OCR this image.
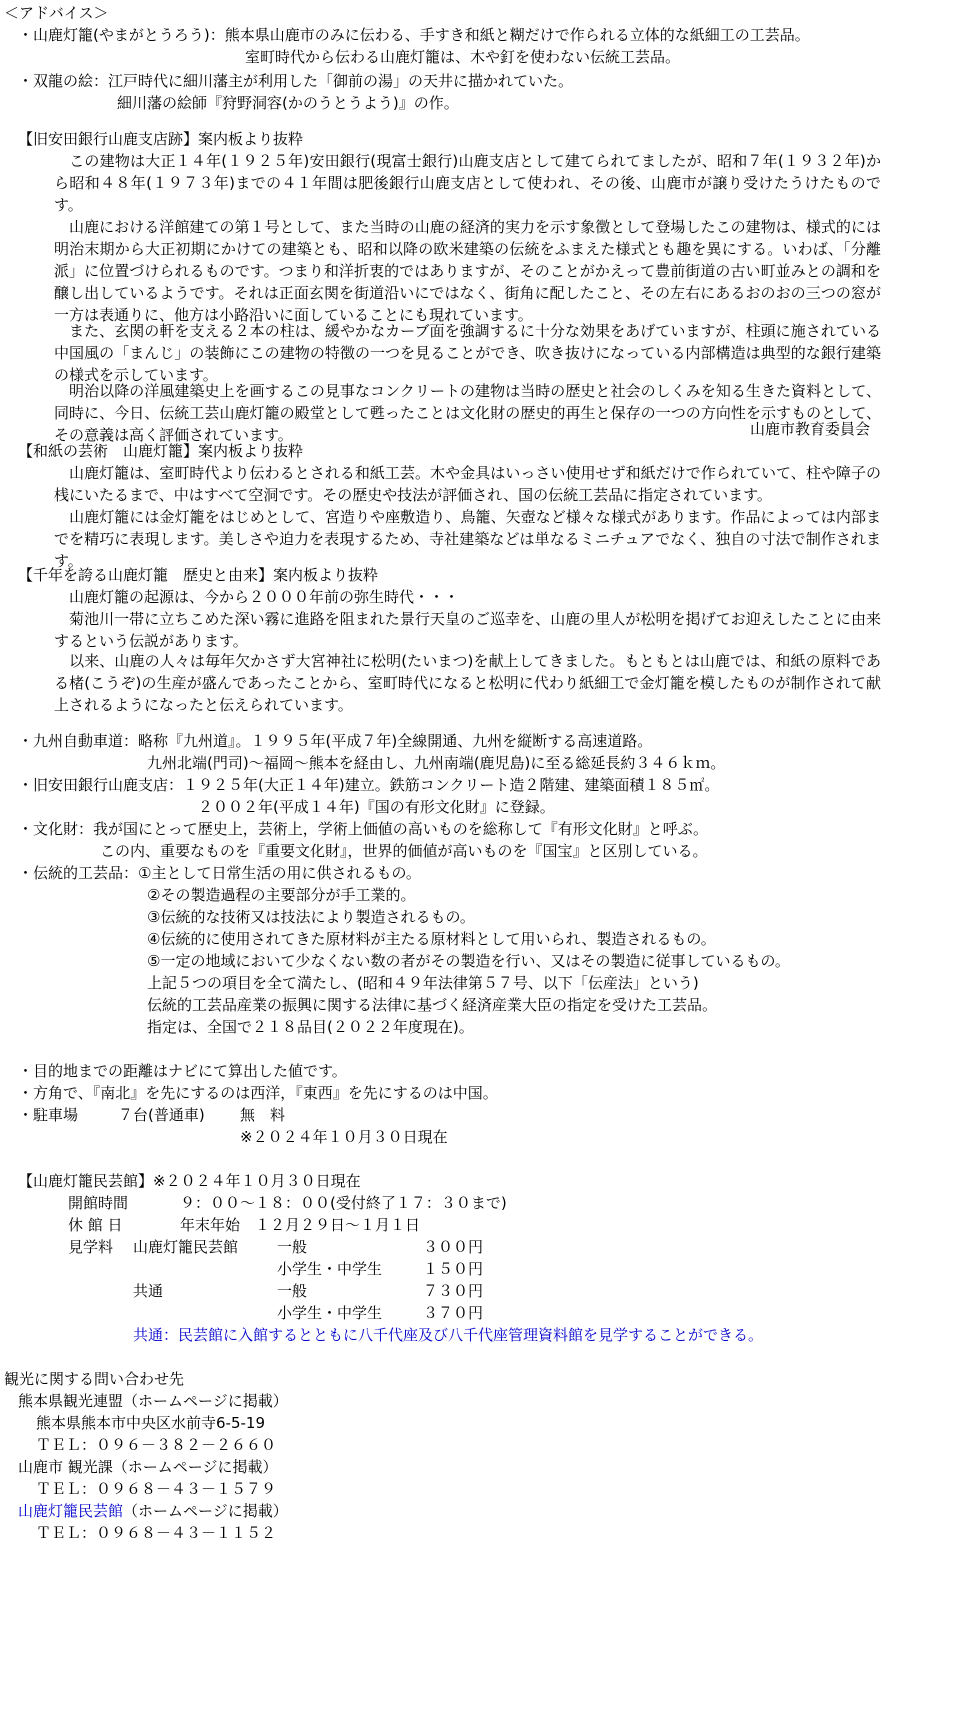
＜アドバイス＞
・山鹿灯籠(やまがとうろう)：熊本県山鹿市のみに伝わる、手すき和紙と糊だけで作られる立体的な紙細工の工芸品。
室町時代から伝わる山鹿灯籠は、木や釘を使わない伝統工芸品。
・双龍の絵：江戸時代に細川藩主が利用した「御前の湯」の天井に描かれていた。
細川藩の絵師『狩野洞容(かのうとうよう)』の作。
【旧安田銀行山鹿支店跡】案内板より抜粋
　この建物は大正１４年(１９２５年)安田銀行(現富士銀行)山鹿支店として建てられてましたが、昭和７年(１９３２年)から昭和４８年(１９７３年)までの４１年間は肥後銀行山鹿支店として使われ、その後、山鹿市が譲り受けたうけたものです。
　山鹿における洋館建ての第１号として、また当時の山鹿の経済的実力を示す象徴として登場したこの建物は、様式的には明治末期から大正初期にかけての建築とも、昭和以降の欧米建築の伝統をふまえた様式とも趣を異にする。いわば、「分離派」に位置づけられるものです。つまり和洋折衷的ではありますが、そのことがかえって豊前街道の古い町並みとの調和を醸し出しているようです。それは正面玄関を街道沿いにではなく、街角に配したこと、その左右にあるおのおの三つの窓が一方は表通りに、他方は小路沿いに面していることにも現れています。
　また、玄関の軒を支える２本の柱は、緩やかなカーブ面を強調するに十分な効果をあげていますが、柱頭に施されている中国風の「まんじ」の装飾にこの建物の特徴の一つを見ることができ、吹き抜けになっている内部構造は典型的な銀行建築の様式を示しています。
　明治以降の洋風建築史上を画するこの見事なコンクリートの建物は当時の歴史と社会のしくみを知る生きた資料として、同時に、今日、伝統工芸山鹿灯籠の殿堂として甦ったことは文化財の歴史的再生と保存の一つの方向性を示すものとして、その意義は高く評価されています。	山鹿市教育委員会
【和紙の芸術　山鹿灯籠】案内板より抜粋
　山鹿灯籠は、室町時代より伝わるとされる和紙工芸。木や金具はいっさい使用せず和紙だけで作られていて、柱や障子の桟にいたるまで、中はすべて空洞です。その歴史や技法が評価され、国の伝統工芸品に指定されています。
　山鹿灯籠には金灯籠をはじめとして、宮造りや座敷造り、鳥籠、矢壺など様々な様式があります。作品によっては内部までを精巧に表現します。美しさや迫力を表現するため、寺社建築などは単なるミニチュアでなく、独自の寸法で制作されます。
【千年を誇る山鹿灯籠　歴史と由来】案内板より抜粋
　山鹿灯籠の起源は、今から２０００年前の弥生時代・・・
　菊池川一帯に立ちこめた深い霧に進路を阻まれた景行天皇のご巡幸を、山鹿の里人が松明を掲げてお迎えしたことに由来するという伝説があります。
　以来、山鹿の人々は毎年欠かさず大宮神社に松明(たいまつ)を献上してきました。もともとは山鹿では、和紙の原料である楮(こうぞ)の生産が盛んであったことから、室町時代になると松明に代わり紙細工で金灯籠を模したものが制作されて献上されるようになったと伝えられています。
・九州自動車道：略称『九州道』。１９９５年(平成７年)全線開通、九州を縦断する高速道路。
九州北端(門司)～福岡～熊本を経由し、九州南端(鹿児島)に至る総延長約３４６ｋｍ。
・旧安田銀行山鹿支店：１９２５年(大正１４年)建立。鉄筋コンクリート造２階建、建築面積１８５㎡。
２００２年(平成１４年)『国の有形文化財』に登録。
・文化財：我が国にとって歴史上，芸術上，学術上価値の高いものを総称して『有形文化財』と呼ぶ。
この内、重要なものを『重要文化財』，世界的価値が高いものを『国宝』と区別している。
・伝統的工芸品：①主として日常生活の用に供されるもの。
②その製造過程の主要部分が手工業的。
③伝統的な技術又は技法により製造されるもの。
④伝統的に使用されてきた原材料が主たる原材料として用いられ、製造されるもの。
⑤一定の地域において少なくない数の者がその製造を行い、又はその製造に従事しているもの。
上記５つの項目を全て満たし、(昭和４９年法律第５７号、以下「伝産法」という)
伝統的工芸品産業の振興に関する法律に基づく経済産業大臣の指定を受けた工芸品。
指定は、全国で２１８品目(２０２２年度現在)。
・目的地までの距離はナビにて算出した値です。
・方角で、『南北』を先にするのは西洋，『東西』を先にするのは中国。
・駐車場	７台(普通車) 無　料
※２０２４年１０月３０日現在
【山鹿灯籠民芸館】※２０２４年１０月３０日現在
開館時間	９：００～１８：００(受付終了１７：３０まで)
休 館 日	年末年始　１２月２９日～１月１日
見学料 山鹿灯籠民芸館	一般	３００円
小学生・中学生	１５０円
共通	一般	７３０円
小学生・中学生	３７０円
共通：民芸館に入館するとともに八千代座及び八千代座管理資料館を見学することができる。
観光に関する問い合わせ先
熊本県観光連盟（ホームページに掲載）
熊本県熊本市中央区水前寺6-5-19
ＴＥＬ：０９６－３８２－２６６０
山鹿市 観光課（ホームページに掲載）
ＴＥＬ：０９６８－４３－１５７９
山鹿灯籠民芸館（ホームページに掲載）
ＴＥＬ：０９６８－４３－１１５２
